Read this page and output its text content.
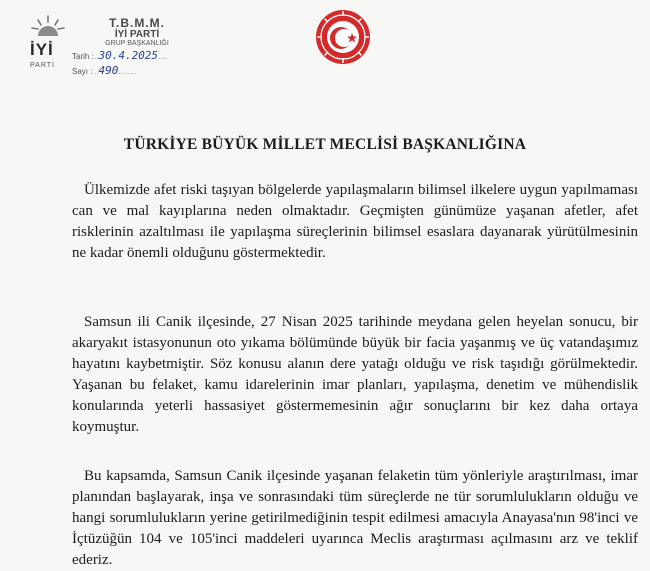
İYİ
PARTİ
T.B.M.M.
İYİ PARTİ
GRUP BAŞKANLIĞI
Tarih :..30.4.2025....
Sayı : ..490........
TÜRKİYE BÜYÜK MİLLET MECLİSİ BAŞKANLIĞINA
Ülkemizde afet riski taşıyan bölgelerde yapılaşmaların bilimsel ilkelere uygun yapılmaması can ve mal kayıplarına neden olmaktadır. Geçmişten günümüze yaşanan afetler, afet risklerinin azaltılması ile yapılaşma süreçlerinin bilimsel esaslara dayanarak yürütülmesinin ne kadar önemli olduğunu göstermektedir.
Samsun ili Canik ilçesinde, 27 Nisan 2025 tarihinde meydana gelen heyelan sonucu, bir akaryakıt istasyonunun oto yıkama bölümünde büyük bir facia yaşanmış ve üç vatandaşımız hayatını kaybetmiştir. Söz konusu alanın dere yatağı olduğu ve risk taşıdığı görülmektedir. Yaşanan bu felaket, kamu idarelerinin imar planları, yapılaşma, denetim ve mühendislik konularında yeterli hassasiyet göstermemesinin ağır sonuçlarını bir kez daha ortaya koymuştur.
Bu kapsamda, Samsun Canik ilçesinde yaşanan felaketin tüm yönleriyle araştırılması, imar planından başlayarak, inşa ve sonrasındaki tüm süreçlerde ne tür sorumlulukların olduğu ve hangi sorumlulukların yerine getirilmediğinin tespit edilmesi amacıyla Anayasa'nın 98'inci ve İçtüzüğün 104 ve 105'inci maddeleri uyarınca Meclis araştırması açılmasını arz ve teklif ederiz.
